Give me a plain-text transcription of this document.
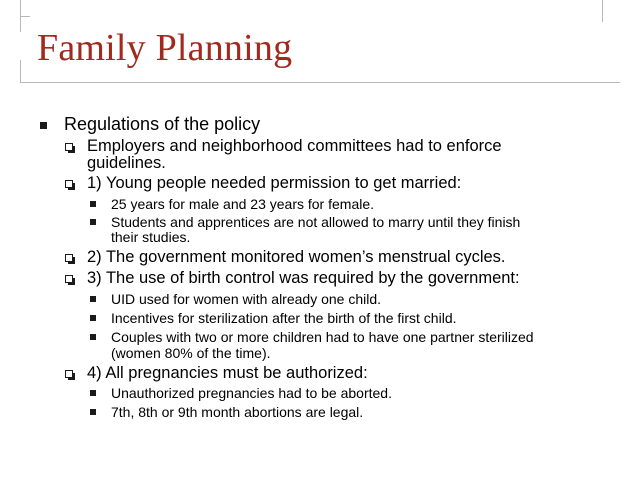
Family Planning
Regulations of the policy
Employers and neighborhood committees had to enforce
guidelines.
1) Young people needed permission to get married:
25 years for male and 23 years for female.
Students and apprentices are not allowed to marry until they finish
their studies.
2) The government monitored women’s menstrual cycles.
3) The use of birth control was required by the government:
UID used for women with already one child.
Incentives for sterilization after the birth of the first child.
Couples with two or more children had to have one partner sterilized
(women 80% of the time).
4) All pregnancies must be authorized:
Unauthorized pregnancies had to be aborted.
7th, 8th or 9th month abortions are legal.
